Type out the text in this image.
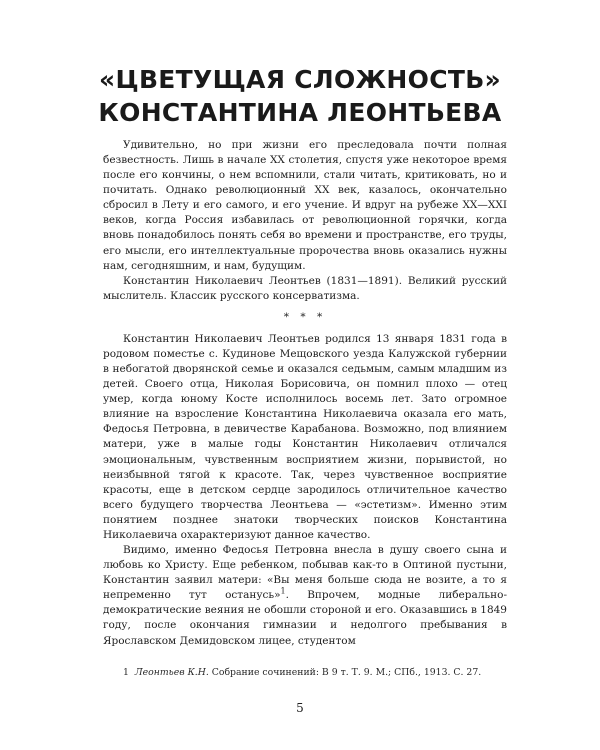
«ЦВЕТУЩАЯ СЛОЖНОСТЬ»
КОНСТАНТИНА ЛЕОНТЬЕВА

Удивительно, но при жизни его преследовала почти полная безвестность. Лишь в начале XX столетия, спустя уже некоторое время после его кончины, о нем вспомнили, стали читать, критиковать, но и почитать. Однако революционный XX век, казалось, окончательно сбросил в Лету и его самого, и его учение. И вдруг на рубеже XX—XXI веков, когда Россия избавилась от революционной горячки, когда вновь понадобилось понять себя во времени и пространстве, его труды, его мысли, его интеллектуальные пророчества вновь оказались нужны нам, сегодняшним, и нам, будущим.

Константин Николаевич Леонтьев (1831—1891). Великий русский мыслитель. Классик русского консерватизма.

* * *

Константин Николаевич Леонтьев родился 13 января 1831 года в родовом поместье с. Кудинове Мещовского уезда Калужской губернии в небогатой дворянской семье и оказался седьмым, самым младшим из детей. Своего отца, Николая Борисовича, он помнил плохо — отец умер, когда юному Косте исполнилось восемь лет. Зато огромное влияние на взросление Константина Николаевича оказала его мать, Федосья Петровна, в девичестве Карабанова. Возможно, под влиянием матери, уже в малые годы Константин Николаевич отличался эмоциональным, чувственным восприятием жизни, порывистой, но неизбывной тягой к красоте. Так, через чувственное восприятие красоты, еще в детском сердце зародилось отличительное качество всего будущего творчества Леонтьева — «эстетизм». Именно этим понятием позднее знатоки творческих поисков Константина Николаевича охарактеризуют данное качество.

Видимо, именно Федосья Петровна внесла в душу своего сына и любовь ко Христу. Еще ребенком, побывав как-то в Оптиной пустыни, Константин заявил матери: «Вы меня больше сюда не возите, а то я непременно тут останусь»$^1$. Впрочем, модные либерально-демократические веяния не обошли стороной и его. Оказавшись в 1849 году, после окончания гимназии и недолгого пребывания в Ярославском Демидовском лицее, студентом

1 Леонтьев К.Н. Собрание сочинений: В 9 т. Т. 9. М.; СПб., 1913. С. 27.

5
